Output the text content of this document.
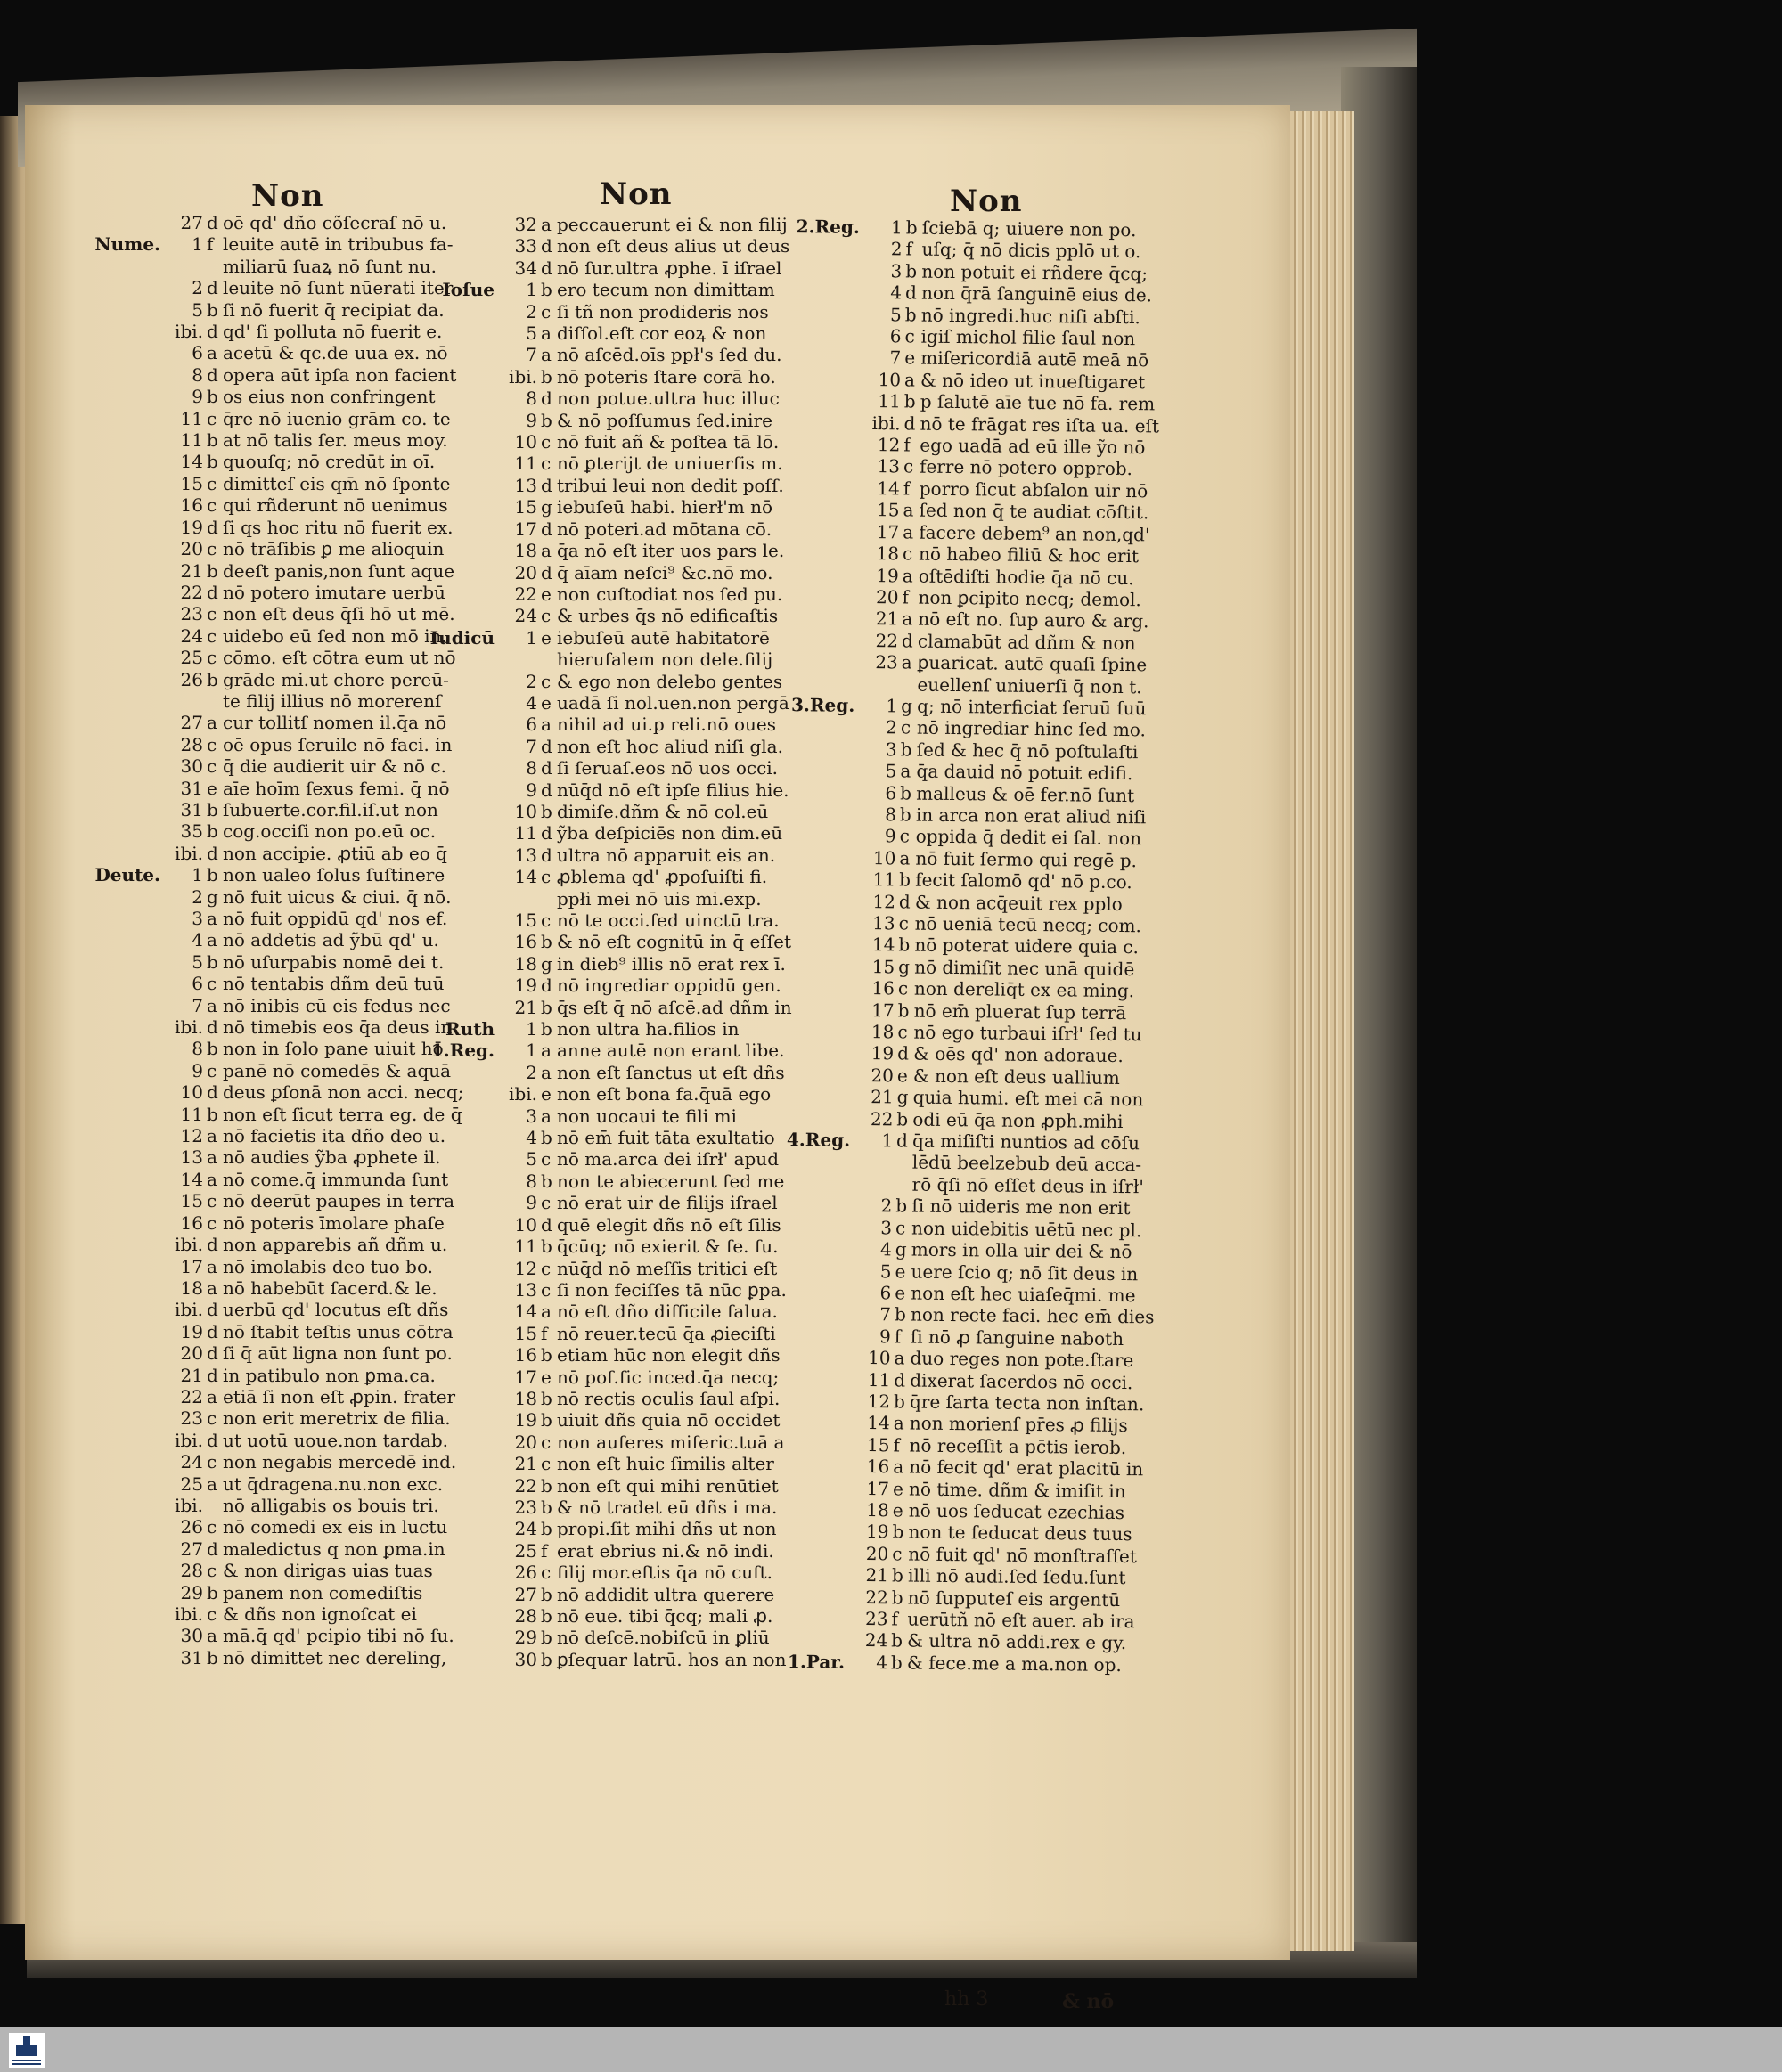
Non	Non	Non
27 d oē qd' dño cõſecraſ nō u.
Nume.	1 f leuite autē in tribubus fa-
miliarū ſuaꝝ nō ſunt nu.
2 d leuite nō ſunt nūerati iter
5 b ſi nō fuerit q̄ recipiat da.
ibi. d qd' ſi polluta nō fuerit e.
6 a acetū & qc.de uua ex. nō
8 d opera aūt ipſa non facient
9 b os eius non confringent
11 c q̄re nō iuenio grām co. te
11 b at nō talis ſer. meus moy.
14 b quouſq; nō credūt in oī.
15 c dimitteſ eis qm̄ nō ſponte
16 c qui rñderunt nō uenimus
19 d ſi qs hoc ritu nō fuerit ex.
20 c nō trāſibis ꝑ me alioquin
21 b deeſt panis,non ſunt aque
22 d nō potero imutare uerbū
23 c non eſt deus q̄ſi hō ut mē.
24 c uidebo eū ſed non mō in.
25 c cōmo. eſt cōtra eum ut nō
26 b grāde mi.ut chore pereū-
te filij illius nō morerenſ
27 a cur tollitſ nomen il.q̄a nō
28 c oē opus ſeruile nō faci. in
30 c q̄ die audierit uir & nō c.
31 e aīe hoīm ſexus femi. q̄ nō
31 b ſubuerte.cor.fil.iſ.ut non
35 b cog.occiſi non po.eū oc.
ibi. d non accipie. ꝓtiū ab eo q̄
Deute.	1 b non ualeo ſolus ſuſtinere
2 g nō fuit uicus & ciui. q̄ nō.
3 a nō fuit oppidū qd' nos ef.
4 a nō addetis ad ỹbū qd' u.
5 b nō uſurpabis nomē dei t.
6 c nō tentabis dñm deū tuū
7 a nō inibis cū eis fedus nec
ibi. d nō timebis eos q̄a deus in
8 b non in ſolo pane uiuit hō
9 c panē nō comedēs & aquā
10 d deus ꝑſonā non acci. necq;
11 b non eſt ſicut terra eg. de q̄
12 a nō facietis ita dño deo u.
13 a nō audies ỹba ꝓphete il.
14 a nō come.q̄ immunda ſunt
15 c nō deerūt paupes in terra
16 c nō poteris īmolare phaſe
ibi. d non apparebis añ dñm u.
17 a nō imolabis deo tuo bo.
18 a nō habebūt ſacerd.& le.
ibi. d uerbū qd' locutus eſt dñs
19 d nō ſtabit teſtis unus cōtra
20 d ſi q̄ aūt ligna non ſunt po.
21 d in patibulo non ꝑma.ca.
22 a etiā ſi non eſt ꝓpin. frater
23 c non erit meretrix de filia.
ibi. d ut uotū uoue.non tardab.
24 c non negabis mercedē ind.
25 a ut q̄dragena.nu.non exc.
ibi. nō alligabis os bouis tri.
26 c nō comedi ex eis in luctu
27 d maledictus q non ꝑma.in
28 c & non dirigas uias tuas
29 b panem non comediſtis
ibi. c & dñs non ignoſcat ei
30 a mā.q̄ qd' pcipio tibi nō ſu.
31 b nō dimittet nec dereling,
32 a peccauerunt ei & non filij
33 d non eſt deus alius ut deus
34 d nō ſur.ultra ꝓphe. ī iſrael
Ioſue	1 b ero tecum non dimittam
2 c ſi tñ non prodideris nos
5 a diſſol.eſt cor eoꝝ & non
7 a nō aſcēd.oīs ppł's ſed du.
ibi. b nō poteris ſtare corā ho.
8 d non potue.ultra huc illuc
9 b & nō poſſumus ſed.inire
10 c nō fuit añ & poſtea tā lō.
11 c nō ꝑterijt de uniuerſis m.
13 d tribui leui non dedit poſſ.
15 g iebuſeū habi. hierł'm nō
17 d nō poteri.ad mōtana cō.
18 a q̄a nō eſt iter uos pars le.
20 d q̄ aīam neſci⁹ &c.nō mo.
22 e non cuſtodiat nos ſed pu.
24 c & urbes q̄s nō edificaſtis
Iudicū	1 e iebuſeū autē habitatorē
hieruſalem non dele.filij
2 c & ego non delebo gentes
4 e uadā ſi nol.uen.non pergā
6 a nihil ad ui.p reli.nō oues
7 d non eſt hoc aliud niſi gla.
8 d ſi ſeruaſ.eos nō uos occi.
9 d nūq̄d nō eſt ipſe filius hie.
10 b dimiſe.dñm & nō col.eū
11 d ỹba deſpiciēs non dim.eū
13 d ultra nō apparuit eis an.
14 c ꝓblema qd' ꝓpoſuiſti fi.
ppłi mei nō uis mi.exp.
15 c nō te occi.ſed uinctū tra.
16 b & nō eſt cognitū in q̄ eſſet
18 g in dieb⁹ illis nō erat rex ī.
19 d nō ingrediar oppidū gen.
21 b q̄s eſt q̄ nō aſcē.ad dñm in
Ruth	1 b non ultra ha.filios in
1.Reg.	1 a anne autē non erant libe.
2 a non eſt ſanctus ut eſt dñs
ibi. e non eſt bona fa.q̄uā ego
3 a non uocaui te fili mi
4 b nō em̄ fuit tāta exultatio
5 c nō ma.arca dei iſrł' apud
8 b non te abiecerunt ſed me
9 c nō erat uir de filijs iſrael
10 d quē elegit dñs nō eſt ſilis
11 b q̄cūq; nō exierit & ſe. fu.
12 c nūq̄d nō meſſis tritici eſt
13 c ſi non feciſſes tā nūc ꝑpa.
14 a nō eſt dño difficile ſalua.
15 f nō reuer.tecū q̄a ꝓieciſti
16 b etiam hūc non elegit dñs
17 e nō poſ.ſic inced.q̄a necq;
18 b nō rectis oculis ſaul aſpi.
19 b uiuit dñs quia nō occidet
20 c non auferes miſeric.tuā a
21 c non eſt huic ſimilis alter
22 b non eſt qui mihi renūtiet
23 b & nō tradet eū dñs i ma.
24 b propi.ſit mihi dñs ut non
25 f erat ebrius ni.& nō indi.
26 c filij mor.eſtis q̄a nō cuſt.
27 b nō addidit ultra querere
28 b nō eue. tibi q̄cq; mali ꝓ.
29 b nō deſcē.nobiſcū in ꝑliū
30 b ꝑſequar latrū. hos an non
2.Reg.	1 b ſciebā q; uiuere non po.
2 f uſq; q̄ nō dicis pplō ut o.
3 b non potuit ei rñdere q̄cq;
4 d non q̄rā ſanguinē eius de.
5 b nō ingredi.huc niſi abſti.
6 c igiſ michol filie ſaul non
7 e miſericordiā autē meā nō
10 a & nō ideo ut inueſtigaret
11 b p ſalutē aīe tue nō fa. rem
ibi. d nō te frāgat res iſta ua. eſt
12 f ego uadā ad eū ille ỹo nō
13 c ferre nō potero opprob.
14 f porro ſicut abſalon uir nō
15 a ſed non q̄ te audiat cōſtit.
17 a facere debem⁹ an non,qd'
18 c nō habeo filiū & hoc erit
19 a oſtēdiſti hodie q̄a nō cu.
20 f non ꝑcipito necq; demol.
21 a nō eſt no. ſup auro & arg.
22 d clamabūt ad dñm & non
23 a ꝑuaricat. autē quaſi ſpine
euellenſ uniuerſi q̄ non t.
3.Reg.	1 g q; nō interficiat ſeruū ſuū
2 c nō ingrediar hinc ſed mo.
3 b ſed & hec q̄ nō poſtulaſti
5 a q̄a dauid nō potuit edifi.
6 b malleus & oē fer.nō ſunt
8 b in arca non erat aliud niſi
9 c oppida q̄ dedit ei ſal. non
10 a nō fuit ſermo qui regē p.
11 b fecit ſalomō qd' nō p.co.
12 d & non acq̄euit rex pplo
13 c nō ueniā tecū necq; com.
14 b nō poterat uidere quia c.
15 g nō dimiſit nec unā quidē
16 c non dereliq̄t ex ea ming.
17 b nō em̄ pluerat ſup terrā
18 c nō ego turbaui iſrł' ſed tu
19 d & oēs qd' non adoraue.
20 e & non eſt deus uallium
21 g quia humi. eſt mei cā non
22 b odi eū q̄a non ꝓph.mihi
4.Reg.	1 d q̄a miſiſti nuntios ad cōſu
lēdū beelzebub deū acca-
rō q̄ſi nō eſſet deus in iſrł'
2 b ſi nō uideris me non erit
3 c non uidebitis uētū nec pl.
4 g mors in olla uir dei & nō
5 e uere ſcio q; nō ſit deus in
6 e non eſt hec uiaſeq̄mi. me
7 b non recte faci. hec em̄ dies
9 f ſi nō ꝓ ſanguine naboth
10 a duo reges non pote.ſtare
11 d dixerat ſacerdos nō occi.
12 b q̄re ſarta tecta non inſtan.
14 a non morienſ pr̄es ꝓ filijs
15 f nō receſſit a pc̄tis ierob.
16 a nō fecit qd' erat placitū in
17 e nō time. dñm & imiſit in
18 e nō uos ſeducat ezechias
19 b non te ſeducat deus tuus
20 c nō fuit qd' nō monſtraſſet
21 b illi nō audi.ſed ſedu.ſunt
22 b nō ſupputeſ eis argentū
23 f uerūtñ nō eſt auer. ab ira
24 b & ultra nō addi.rex e gy.
1.Par.	4 b & fece.me a ma.non op.
hh 3	& nō
